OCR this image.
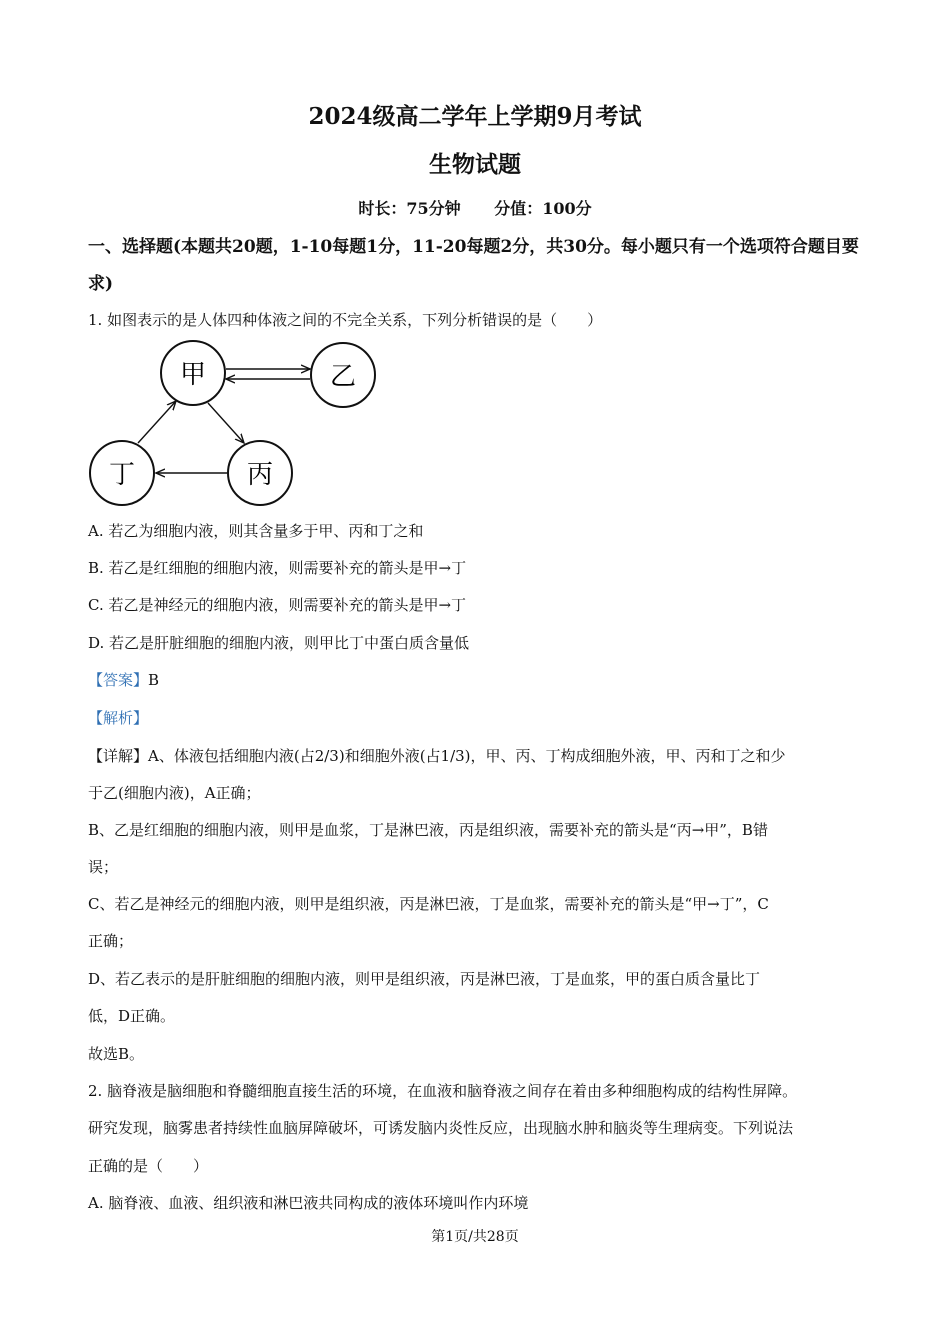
2024级高二学年上学期9月考试
生物试题
时长：75分钟 分值：100分
一、选择题(本题共20题，1-10每题1分，11-20每题2分，共30分。每小题只有一个选项符合题目要求)
1. 如图表示的是人体四种体液之间的不完全关系，下列分析错误的是（　　）
甲	乙
丁	丙
A. 若乙为细胞内液，则其含量多于甲、丙和丁之和
B. 若乙是红细胞的细胞内液，则需要补充的箭头是甲→丁
C. 若乙是神经元的细胞内液，则需要补充的箭头是甲→丁
D. 若乙是肝脏细胞的细胞内液，则甲比丁中蛋白质含量低
【答案】B
【解析】
【详解】A、体液包括细胞内液(占2/3)和细胞外液(占1/3)，甲、丙、丁构成细胞外液，甲、丙和丁之和少
于乙(细胞内液)，A正确；
B、乙是红细胞的细胞内液，则甲是血浆，丁是淋巴液，丙是组织液，需要补充的箭头是“丙→甲”，B错
误；
C、若乙是神经元的细胞内液，则甲是组织液，丙是淋巴液，丁是血浆，需要补充的箭头是“甲→丁”，C
正确；
D、若乙表示的是肝脏细胞的细胞内液，则甲是组织液，丙是淋巴液，丁是血浆，甲的蛋白质含量比丁
低，D正确。
故选B。
2. 脑脊液是脑细胞和脊髓细胞直接生活的环境，在血液和脑脊液之间存在着由多种细胞构成的结构性屏障。
研究发现，脑雾患者持续性血脑屏障破坏，可诱发脑内炎性反应，出现脑水肿和脑炎等生理病变。下列说法
正确的是（　　）
A. 脑脊液、血液、组织液和淋巴液共同构成的液体环境叫作内环境
第1页/共28页
